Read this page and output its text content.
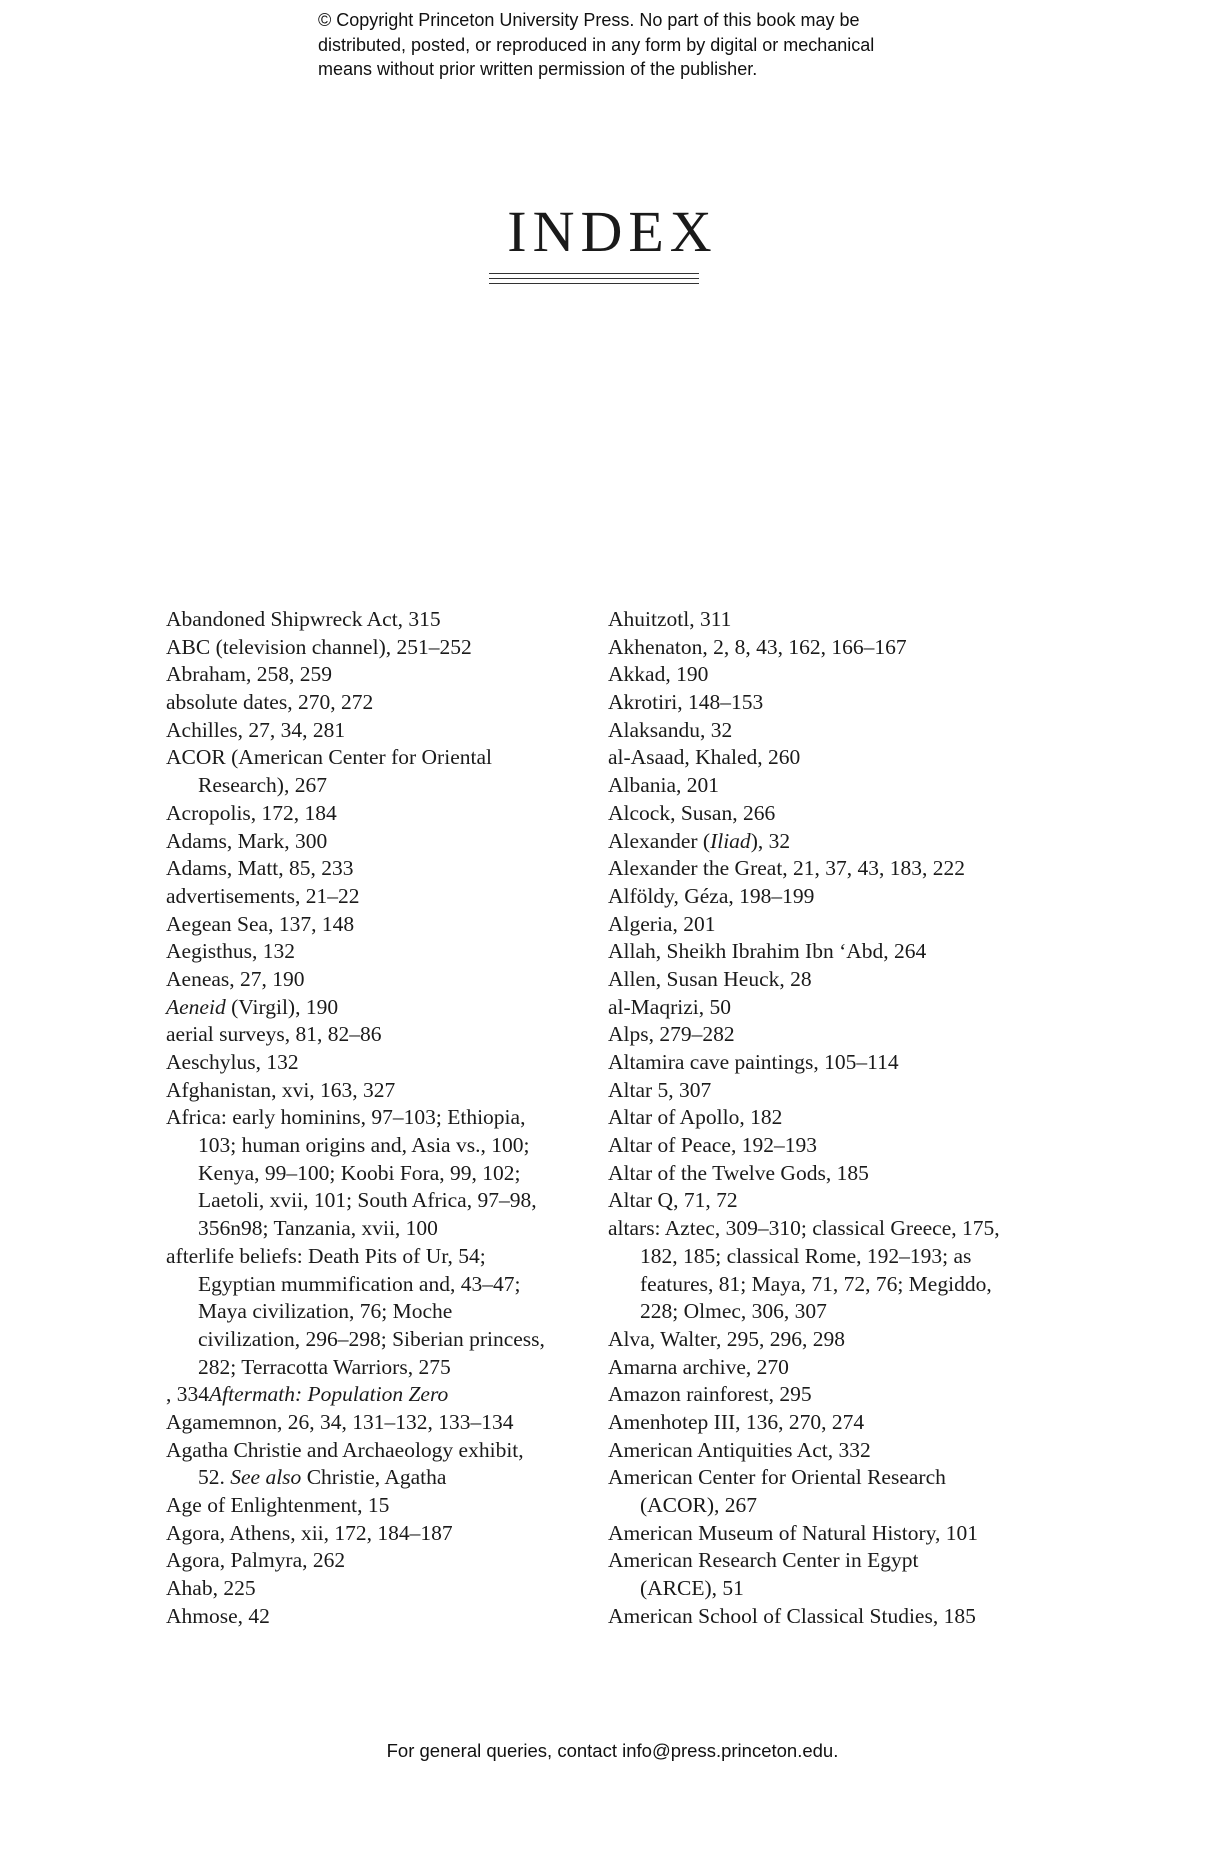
© Copyright Princeton University Press. No part of this book may be
distributed, posted, or reproduced in any form by digital or mechanical
means without prior written permission of the publisher.
INDEX
Abandoned Shipwreck Act, 315
ABC (television channel), 251–252
Abraham, 258, 259
absolute dates, 270, 272
Achilles, 27, 34, 281
ACOR (American Center for Oriental
Research), 267
Acropolis, 172, 184
Adams, Mark, 300
Adams, Matt, 85, 233
advertisements, 21–22
Aegean Sea, 137, 148
Aegisthus, 132
Aeneas, 27, 190
Aeneid (Virgil), 190
aerial surveys, 81, 82–86
Aeschylus, 132
Afghanistan, xvi, 163, 327
Africa: early hominins, 97–103; Ethiopia,
103; human origins and, Asia vs., 100;
Kenya, 99–100; Koobi Fora, 99, 102;
Laetoli, xvii, 101; South Africa, 97–98,
356n98; Tanzania, xvii, 100
afterlife beliefs: Death Pits of Ur, 54;
Egyptian mummification and, 43–47;
Maya civilization, 76; Moche
civilization, 296–298; Siberian princess,
282; Terracotta Warriors, 275
, 334Aftermath: Population Zero
Agamemnon, 26, 34, 131–132, 133–134
Agatha Christie and Archaeology exhibit,
52. See also Christie, Agatha
Age of Enlightenment, 15
Agora, Athens, xii, 172, 184–187
Agora, Palmyra, 262
Ahab, 225
Ahmose, 42
Ahuitzotl, 311
Akhenaton, 2, 8, 43, 162, 166–167
Akkad, 190
Akrotiri, 148–153
Alaksandu, 32
al-Asaad, Khaled, 260
Albania, 201
Alcock, Susan, 266
Alexander (Iliad), 32
Alexander the Great, 21, 37, 43, 183, 222
Alföldy, Géza, 198–199
Algeria, 201
Allah, Sheikh Ibrahim Ibn ‘Abd, 264
Allen, Susan Heuck, 28
al-Maqrizi, 50
Alps, 279–282
Altamira cave paintings, 105–114
Altar 5, 307
Altar of Apollo, 182
Altar of Peace, 192–193
Altar of the Twelve Gods, 185
Altar Q, 71, 72
altars: Aztec, 309–310; classical Greece, 175,
182, 185; classical Rome, 192–193; as
features, 81; Maya, 71, 72, 76; Megiddo,
228; Olmec, 306, 307
Alva, Walter, 295, 296, 298
Amarna archive, 270
Amazon rainforest, 295
Amenhotep III, 136, 270, 274
American Antiquities Act, 332
American Center for Oriental Research
(ACOR), 267
American Museum of Natural History, 101
American Research Center in Egypt
(ARCE), 51
American School of Classical Studies, 185
For general queries, contact info@press.princeton.edu.
